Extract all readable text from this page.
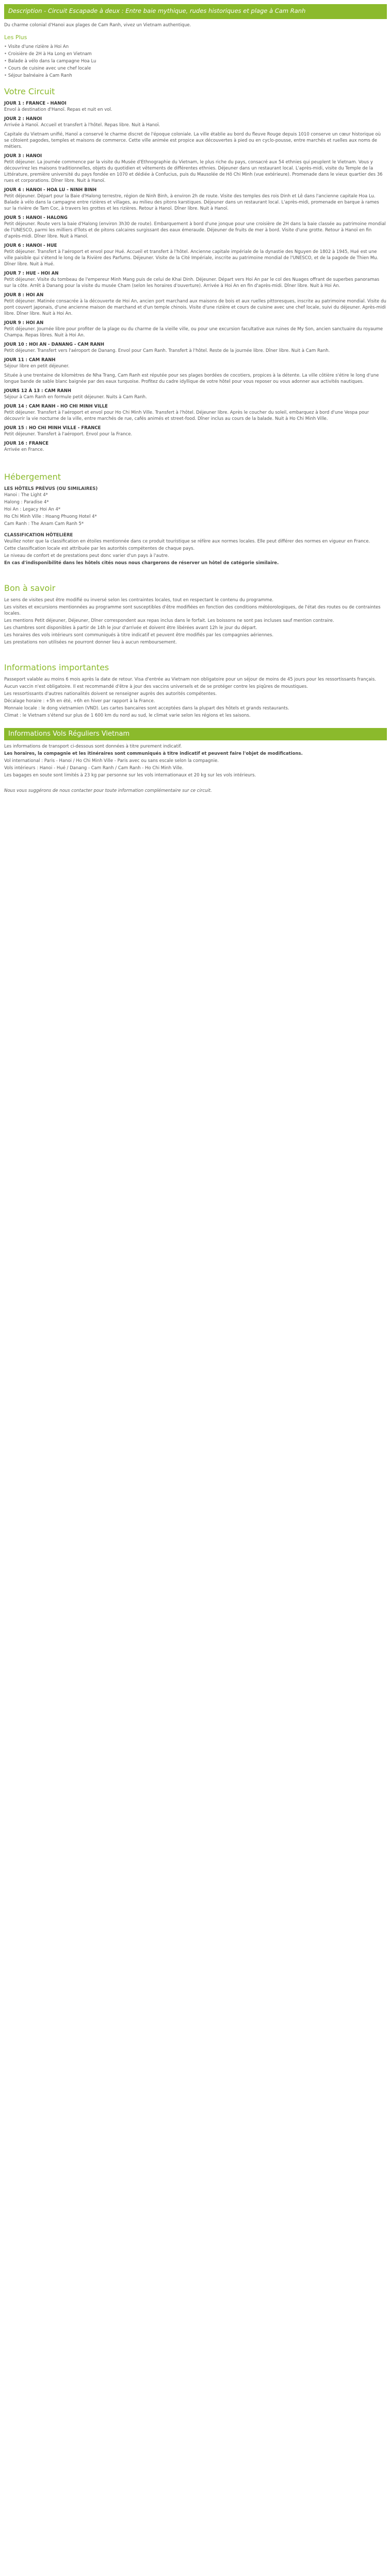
Description - Circuit Escapade à deux : Entre baie mythique, rudes historiques et plage à Cam Ranh

Du charme colonial d'Hanoi aux plages de Cam Ranh, vivez un Vietnam authentique.

Les Plus

• Visite d'une rizière à Hoi An

• Croisière de 2H à Ha Long en Vietnam

• Balade à vélo dans la campagne Hoa Lu

• Cours de cuisine avec une chef locale

• Séjour balnéaire à Cam Ranh

Votre Circuit

JOUR 1 : FRANCE - HANOI

Envol à destination d'Hanoï. Repas et nuit en vol.

JOUR 2 : HANOI

Arrivée à Hanoï. Accueil et transfert à l'hôtel. Repas libre. Nuit à Hanoï.

Capitale du Vietnam unifié, Hanoï a conservé le charme discret de l'époque coloniale. La ville établie au bord du fleuve Rouge depuis 1010 conserve un cœur historique où se côtoient pagodes, temples et maisons de commerce. Cette ville animée est propice aux découvertes à pied ou en cyclo-pousse, entre marchés et ruelles aux noms de métiers.

JOUR 3 : HANOI

Petit déjeuner. La journée commence par la visite du Musée d'Ethnographie du Vietnam, le plus riche du pays, consacré aux 54 ethnies qui peuplent le Vietnam. Vous y découvrirez les maisons traditionnelles, objets du quotidien et vêtements de différentes ethnies. Déjeuner dans un restaurant local. L'après-midi, visite du Temple de la Littérature, première université du pays fondée en 1070 et dédiée à Confucius, puis du Mausolée de Hô Chi Minh (vue extérieure). Promenade dans le vieux quartier des 36 rues et corporations. Dîner libre. Nuit à Hanoï.

JOUR 4 : HANOI - HOA LU - NINH BINH

Petit déjeuner. Départ pour la Baie d'Halong terrestre, région de Ninh Binh, à environ 2h de route. Visite des temples des rois Dinh et Lê dans l'ancienne capitale Hoa Lu. Balade à vélo dans la campagne entre rizières et villages, au milieu des pitons karstiques. Déjeuner dans un restaurant local. L'après-midi, promenade en barque à rames sur la rivière de Tam Coc, à travers les grottes et les rizières. Retour à Hanoï. Dîner libre. Nuit à Hanoï.

JOUR 5 : HANOI - HALONG

Petit déjeuner. Route vers la baie d'Halong (environ 3h30 de route). Embarquement à bord d'une jonque pour une croisière de 2H dans la baie classée au patrimoine mondial de l'UNESCO, parmi les milliers d'îlots et de pitons calcaires surgissant des eaux émeraude. Déjeuner de fruits de mer à bord. Visite d'une grotte. Retour à Hanoï en fin d'après-midi. Dîner libre. Nuit à Hanoï.

JOUR 6 : HANOI - HUE

Petit déjeuner. Transfert à l'aéroport et envol pour Hué. Accueil et transfert à l'hôtel. Ancienne capitale impériale de la dynastie des Nguyen de 1802 à 1945, Hué est une ville paisible qui s'étend le long de la Rivière des Parfums. Déjeuner. Visite de la Cité Impériale, inscrite au patrimoine mondial de l'UNESCO, et de la pagode de Thien Mu. Dîner libre. Nuit à Hué.

JOUR 7 : HUE - HOI AN

Petit déjeuner. Visite du tombeau de l'empereur Minh Mang puis de celui de Khai Dinh. Déjeuner. Départ vers Hoi An par le col des Nuages offrant de superbes panoramas sur la côte. Arrêt à Danang pour la visite du musée Cham (selon les horaires d'ouverture). Arrivée à Hoi An en fin d'après-midi. Dîner libre. Nuit à Hoi An.

JOUR 8 : HOI AN

Petit déjeuner. Matinée consacrée à la découverte de Hoi An, ancien port marchand aux maisons de bois et aux ruelles pittoresques, inscrite au patrimoine mondial. Visite du pont couvert japonais, d'une ancienne maison de marchand et d'un temple chinois. Visite d'une rizière et cours de cuisine avec une chef locale, suivi du déjeuner. Après-midi libre. Dîner libre. Nuit à Hoi An.

JOUR 9 : HOI AN

Petit déjeuner. Journée libre pour profiter de la plage ou du charme de la vieille ville, ou pour une excursion facultative aux ruines de My Son, ancien sanctuaire du royaume Champa. Repas libres. Nuit à Hoi An.

JOUR 10 : HOI AN - DANANG - CAM RANH

Petit déjeuner. Transfert vers l'aéroport de Danang. Envol pour Cam Ranh. Transfert à l'hôtel. Reste de la journée libre. Dîner libre. Nuit à Cam Ranh.

JOUR 11 : CAM RANH

Séjour libre en petit déjeuner.

Située à une trentaine de kilomètres de Nha Trang, Cam Ranh est réputée pour ses plages bordées de cocotiers, propices à la détente. La ville côtière s'étire le long d'une longue bande de sable blanc baignée par des eaux turquoise. Profitez du cadre idyllique de votre hôtel pour vous reposer ou vous adonner aux activités nautiques.

JOURS 12 À 13 : CAM RANH

Séjour à Cam Ranh en formule petit déjeuner. Nuits à Cam Ranh.

JOUR 14 : CAM RANH - HO CHI MINH VILLE

Petit déjeuner. Transfert à l'aéroport et envol pour Ho Chi Minh Ville. Transfert à l'hôtel. Déjeuner libre. Après le coucher du soleil, embarquez à bord d'une Vespa pour découvrir la vie nocturne de la ville, entre marchés de rue, cafés animés et street-food. Dîner inclus au cours de la balade. Nuit à Ho Chi Minh Ville.

JOUR 15 : HO CHI MINH VILLE - FRANCE

Petit déjeuner. Transfert à l'aéroport. Envol pour la France.

JOUR 16 : FRANCE

Arrivée en France.

Hébergement

LES HÔTELS PRÉVUS (OU SIMILAIRES)

Hanoi : The Light 4*

Halong : Paradise 4*

Hoi An : Legacy Hoi An 4*

Ho Chi Minh Ville : Hoang Phuong Hotel 4*

Cam Ranh : The Anam Cam Ranh 5*

CLASSIFICATION HÔTELIÈRE

Veuillez noter que la classification en étoiles mentionnée dans ce produit touristique se réfère aux normes locales. Elle peut différer des normes en vigueur en France.

Cette classification locale est attribuée par les autorités compétentes de chaque pays.

Le niveau de confort et de prestations peut donc varier d'un pays à l'autre.

En cas d'indisponibilité dans les hôtels cités nous nous chargerons de réserver un hôtel de catégorie similaire.

Bon à savoir

Le sens de visites peut être modifié ou inversé selon les contraintes locales, tout en respectant le contenu du programme.

Les visites et excursions mentionnées au programme sont susceptibles d'être modifiées en fonction des conditions météorologiques, de l'état des routes ou de contraintes locales.

Les mentions Petit déjeuner, Déjeuner, Dîner correspondent aux repas inclus dans le forfait. Les boissons ne sont pas incluses sauf mention contraire.

Les chambres sont disponibles à partir de 14h le jour d'arrivée et doivent être libérées avant 12h le jour du départ.

Les horaires des vols intérieurs sont communiqués à titre indicatif et peuvent être modifiés par les compagnies aériennes.

Les prestations non utilisées ne pourront donner lieu à aucun remboursement.

Informations importantes

Passeport valable au moins 6 mois après la date de retour. Visa d'entrée au Vietnam non obligatoire pour un séjour de moins de 45 jours pour les ressortissants français.

Aucun vaccin n'est obligatoire. Il est recommandé d'être à jour des vaccins universels et de se protéger contre les piqûres de moustiques.

Les ressortissants d'autres nationalités doivent se renseigner auprès des autorités compétentes.

Décalage horaire : +5h en été, +6h en hiver par rapport à la France.

Monnaie locale : le dong vietnamien (VND). Les cartes bancaires sont acceptées dans la plupart des hôtels et grands restaurants.

Climat : le Vietnam s'étend sur plus de 1 600 km du nord au sud, le climat varie selon les régions et les saisons.

Informations Vols Réguliers Vietnam

Les informations de transport ci-dessous sont données à titre purement indicatif.

Les horaires, la compagnie et les itinéraires sont communiqués à titre indicatif et peuvent faire l'objet de modifications.

Vol international : Paris - Hanoi / Ho Chi Minh Ville - Paris avec ou sans escale selon la compagnie.

Vols intérieurs : Hanoi - Hué / Danang - Cam Ranh / Cam Ranh - Ho Chi Minh Ville.

Les bagages en soute sont limités à 23 kg par personne sur les vols internationaux et 20 kg sur les vols intérieurs.

Nous vous suggérons de nous contacter pour toute information complémentaire sur ce circuit.
